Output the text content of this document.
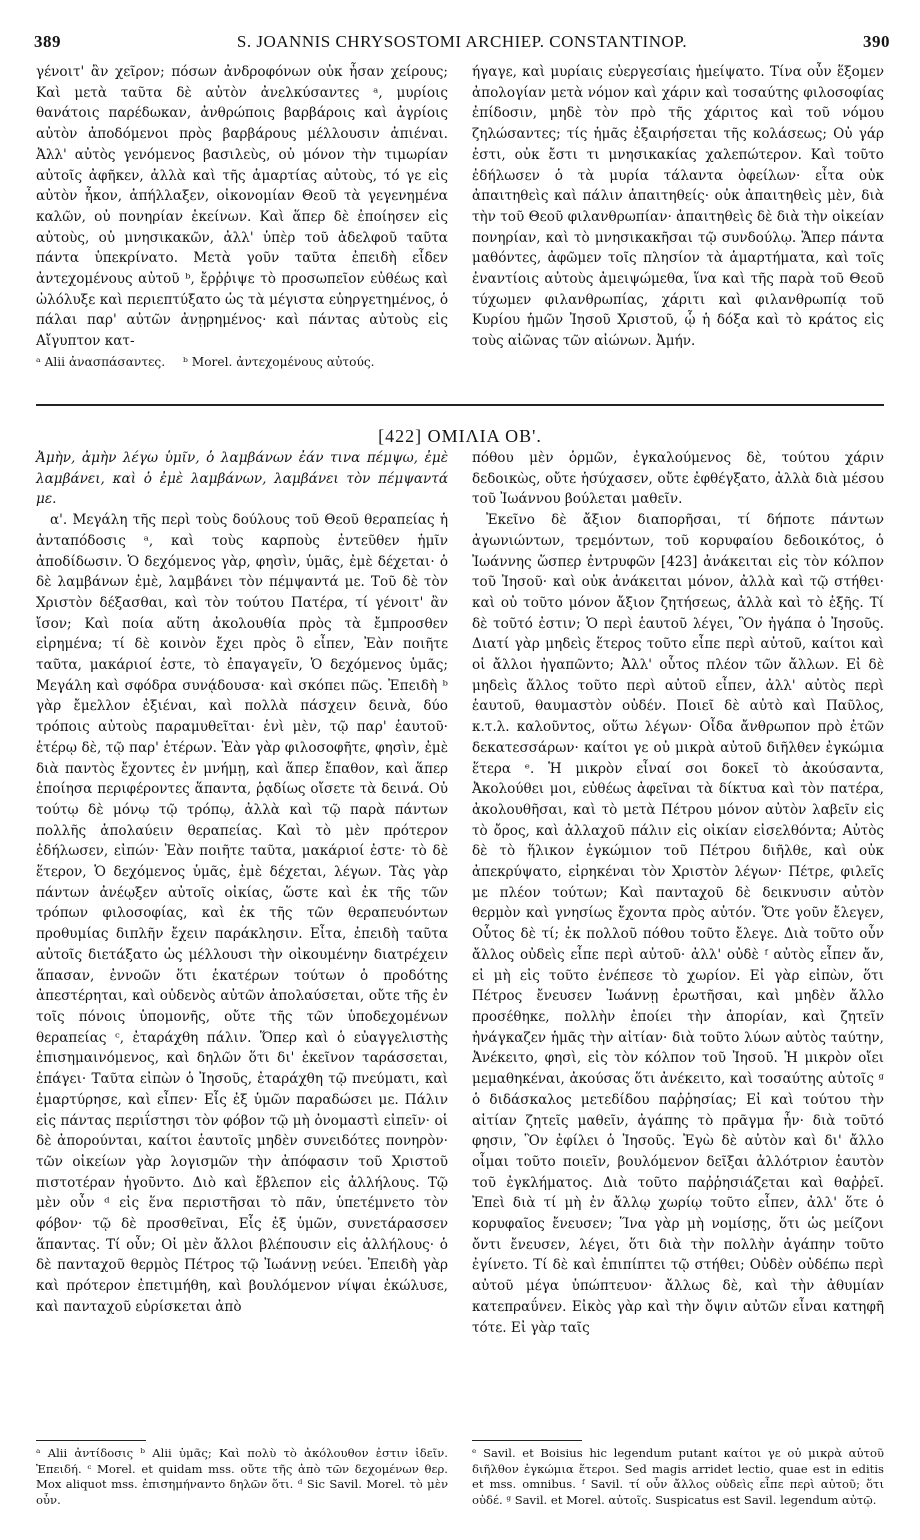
389	S. JOANNIS CHRYSOSTOMI ARCHIEP. CONSTANTINOP.	390

γένοιτ' ἂν χεῖρον; πόσων ἀνδροφόνων οὐκ ἦσαν χείρους; Καὶ μετὰ ταῦτα δὲ αὐτὸν ἀνελκύσαντες ᵃ, μυρίοις θανάτοις παρέδωκαν, ἀνθρώποις βαρβάροις καὶ ἀγρίοις αὐτὸν ἀποδόμενοι πρὸς βαρβάρους μέλλουσιν ἀπιέναι. Ἀλλ' αὐτὸς γενόμενος βασιλεὺς, οὐ μόνον τὴν τιμωρίαν αὐτοῖς ἀφῆκεν, ἀλλὰ καὶ τῆς ἁμαρτίας αὐτοὺς, τό γε εἰς αὐτὸν ἧκον, ἀπήλλαξεν, οἰκονομίαν Θεοῦ τὰ γεγενημένα καλῶν, οὐ πονηρίαν ἐκείνων. Καὶ ἅπερ δὲ ἐποίησεν εἰς αὐτοὺς, οὐ μνησικακῶν, ἀλλ' ὑπὲρ τοῦ ἀδελφοῦ ταῦτα πάντα ὑπεκρίνατο. Μετὰ γοῦν ταῦτα ἐπειδὴ εἶδεν ἀντεχομένους αὐτοῦ ᵇ, ἔρῤῥιψε τὸ προσωπεῖον εὐθέως καὶ ὠλόλυξε καὶ περιεπτύξατο ὡς τὰ μέγιστα εὐηργετημένος, ὁ πάλαι παρ' αὐτῶν ἀνῃρημένος· καὶ πάντας αὐτοὺς εἰς Αἴγυπτον κατ-

ᵃ Alii ἀνασπάσαντες. ᵇ Morel. ἀντεχομένους αὐτούς.

ήγαγε, καὶ μυρίαις εὐεργεσίαις ἠμείψατο. Τίνα οὖν ἕξομεν ἀπολογίαν μετὰ νόμον καὶ χάριν καὶ τοσαύτης φιλοσοφίας ἐπίδοσιν, μηδὲ τὸν πρὸ τῆς χάριτος καὶ τοῦ νόμου ζηλώσαντες; τίς ἡμᾶς ἐξαιρήσεται τῆς κολάσεως; Οὐ γάρ ἐστι, οὐκ ἔστι τι μνησικακίας χαλεπώτερον. Καὶ τοῦτο ἐδήλωσεν ὁ τὰ μυρία τάλαντα ὀφείλων· εἶτα οὐκ ἀπαιτηθεὶς καὶ πάλιν ἀπαιτηθείς· οὐκ ἀπαιτηθεὶς μὲν, διὰ τὴν τοῦ Θεοῦ φιλανθρωπίαν· ἀπαιτηθεὶς δὲ διὰ τὴν οἰκείαν πονηρίαν, καὶ τὸ μνησικακῆσαι τῷ συνδούλῳ. Ἅπερ πάντα μαθόντες, ἀφῶμεν τοῖς πλησίον τὰ ἁμαρτήματα, καὶ τοῖς ἐναντίοις αὐτοὺς ἀμειψώμεθα, ἵνα καὶ τῆς παρὰ τοῦ Θεοῦ τύχωμεν φιλανθρωπίας, χάριτι καὶ φιλανθρωπίᾳ τοῦ Κυρίου ἡμῶν Ἰησοῦ Χριστοῦ, ᾧ ἡ δόξα καὶ τὸ κράτος εἰς τοὺς αἰῶνας τῶν αἰώνων. Ἀμήν.

[422] ΟΜΙΛΙΑ ΟΒ'.

Ἀμὴν, ἀμὴν λέγω ὑμῖν, ὁ λαμβάνων ἐάν τινα πέμψω, ἐμὲ λαμβάνει, καὶ ὁ ἐμὲ λαμβάνων, λαμβάνει τὸν πέμψαντά με.

α'. Μεγάλη τῆς περὶ τοὺς δούλους τοῦ Θεοῦ θεραπείας ἡ ἀνταπόδοσις ᵃ, καὶ τοὺς καρποὺς ἐντεῦθεν ἡμῖν ἀποδίδωσιν. Ὁ δεχόμενος γὰρ, φησὶν, ὑμᾶς, ἐμὲ δέχεται· ὁ δὲ λαμβάνων ἐμὲ, λαμβάνει τὸν πέμψαντά με. Τοῦ δὲ τὸν Χριστὸν δέξασθαι, καὶ τὸν τούτου Πατέρα, τί γένοιτ' ἂν ἴσον; Καὶ ποία αὕτη ἀκολουθία πρὸς τὰ ἔμπροσθεν εἰρημένα; τί δὲ κοινὸν ἔχει πρὸς ὃ εἶπεν, Ἐὰν ποιῆτε ταῦτα, μακάριοί ἐστε, τὸ ἐπαγαγεῖν, Ὁ δεχόμενος ὑμᾶς; Μεγάλη καὶ σφόδρα συνᾴδουσα· καὶ σκόπει πῶς. Ἐπειδὴ ᵇ γὰρ ἔμελλον ἐξιέναι, καὶ πολλὰ πάσχειν δεινὰ, δύο τρόποις αὐτοὺς παραμυθεῖται· ἑνὶ μὲν, τῷ παρ' ἑαυτοῦ· ἑτέρῳ δὲ, τῷ παρ' ἑτέρων. Ἐὰν γὰρ φιλοσοφῆτε, φησὶν, ἐμὲ διὰ παντὸς ἔχοντες ἐν μνήμῃ, καὶ ἅπερ ἔπαθον, καὶ ἅπερ ἐποίησα περιφέροντες ἅπαντα, ῥᾳδίως οἴσετε τὰ δεινά. Οὐ τούτῳ δὲ μόνῳ τῷ τρόπῳ, ἀλλὰ καὶ τῷ παρὰ πάντων πολλῆς ἀπολαύειν θεραπείας. Καὶ τὸ μὲν πρότερον ἐδήλωσεν, εἰπών· Ἐὰν ποιῆτε ταῦτα, μακάριοί ἐστε· τὸ δὲ ἕτερον, Ὁ δεχόμενος ὑμᾶς, ἐμὲ δέχεται, λέγων. Τὰς γὰρ πάντων ἀνέῳξεν αὐτοῖς οἰκίας, ὥστε καὶ ἐκ τῆς τῶν τρόπων φιλοσοφίας, καὶ ἐκ τῆς τῶν θεραπευόντων προθυμίας διπλῆν ἔχειν παράκλησιν. Εἶτα, ἐπειδὴ ταῦτα αὐτοῖς διετάξατο ὡς μέλλουσι τὴν οἰκουμένην διατρέχειν ἅπασαν, ἐννοῶν ὅτι ἑκατέρων τούτων ὁ προδότης ἀπεστέρηται, καὶ οὐδενὸς αὐτῶν ἀπολαύσεται, οὔτε τῆς ἐν τοῖς πόνοις ὑπομονῆς, οὔτε τῆς τῶν ὑποδεχομένων θεραπείας ᶜ, ἐταράχθη πάλιν. Ὅπερ καὶ ὁ εὐαγγελιστὴς ἐπισημαινόμενος, καὶ δηλῶν ὅτι δι' ἐκεῖνον ταράσσεται, ἐπάγει· Ταῦτα εἰπὼν ὁ Ἰησοῦς, ἐταράχθη τῷ πνεύματι, καὶ ἐμαρτύρησε, καὶ εἶπεν· Εἷς ἐξ ὑμῶν παραδώσει με. Πάλιν εἰς πάντας περιΐστησι τὸν φόβον τῷ μὴ ὀνομαστὶ εἰπεῖν· οἱ δὲ ἀπορούνται, καίτοι ἑαυτοῖς μηδὲν συνειδότες πονηρὸν· τῶν οἰκείων γὰρ λογισμῶν τὴν ἀπόφασιν τοῦ Χριστοῦ πιστοτέραν ἡγοῦντο. Διὸ καὶ ἔβλεπον εἰς ἀλλήλους. Τῷ μὲν οὖν ᵈ εἰς ἕνα περιστῆσαι τὸ πᾶν, ὑπετέμνετο τὸν φόβον· τῷ δὲ προσθεῖναι, Εἷς ἐξ ὑμῶν, συνετάρασσεν ἅπαντας. Τί οὖν; Οἱ μὲν ἄλλοι βλέπουσιν εἰς ἀλλήλους· ὁ δὲ πανταχοῦ θερμὸς Πέτρος τῷ Ἰωάννῃ νεύει. Ἐπειδὴ γὰρ καὶ πρότερον ἐπετιμήθη, καὶ βουλόμενον νίψαι ἐκώλυσε, καὶ πανταχοῦ εὑρίσκεται ἀπὸ

πόθου μὲν ὁρμῶν, ἐγκαλούμενος δὲ, τούτου χάριν δεδοικὼς, οὔτε ἡσύχασεν, οὔτε ἐφθέγξατο, ἀλλὰ διὰ μέσου τοῦ Ἰωάννου βούλεται μαθεῖν.

Ἐκεῖνο δὲ ἄξιον διαπορῆσαι, τί δήποτε πάντων ἀγωνιώντων, τρεμόντων, τοῦ κορυφαίου δεδοικότος, ὁ Ἰωάννης ὥσπερ ἐντρυφῶν [423] ἀνάκειται εἰς τὸν κόλπον τοῦ Ἰησοῦ· καὶ οὐκ ἀνάκειται μόνον, ἀλλὰ καὶ τῷ στήθει· καὶ οὐ τοῦτο μόνον ἄξιον ζητήσεως, ἀλλὰ καὶ τὸ ἑξῆς. Τί δὲ τοῦτό ἐστιν; Ὁ περὶ ἑαυτοῦ λέγει, Ὃν ἠγάπα ὁ Ἰησοῦς. Διατί γὰρ μηδεὶς ἕτερος τοῦτο εἶπε περὶ αὐτοῦ, καίτοι καὶ οἱ ἄλλοι ἠγαπῶντο; Ἀλλ' οὗτος πλέον τῶν ἄλλων. Εἰ δὲ μηδεὶς ἄλλος τοῦτο περὶ αὐτοῦ εἶπεν, ἀλλ' αὐτὸς περὶ ἑαυτοῦ, θαυμαστὸν οὐδέν. Ποιεῖ δὲ αὐτὸ καὶ Παῦλος, κ.τ.λ. καλοῦντος, οὕτω λέγων· Οἶδα ἄνθρωπον πρὸ ἐτῶν δεκατεσσάρων· καίτοι γε οὐ μικρὰ αὐτοῦ διῆλθεν ἐγκώμια ἕτερα ᵉ. Ἡ μικρὸν εἶναί σοι δοκεῖ τὸ ἀκούσαντα, Ἀκολούθει μοι, εὐθέως ἀφεῖναι τὰ δίκτυα καὶ τὸν πατέρα, ἀκολουθῆσαι, καὶ τὸ μετὰ Πέτρου μόνον αὐτὸν λαβεῖν εἰς τὸ ὄρος, καὶ ἀλλαχοῦ πάλιν εἰς οἰκίαν εἰσελθόντα; Αὐτὸς δὲ τὸ ἥλικον ἐγκώμιον τοῦ Πέτρου διῆλθε, καὶ οὐκ ἀπεκρύψατο, εἰρηκέναι τὸν Χριστὸν λέγων· Πέτρε, φιλεῖς με πλέον τούτων; Καὶ πανταχοῦ δὲ δεικνυσιν αὐτὸν θερμὸν καὶ γνησίως ἔχοντα πρὸς αὐτόν. Ὅτε γοῦν ἔλεγεν, Οὗτος δὲ τί; ἐκ πολλοῦ πόθου τοῦτο ἔλεγε. Διὰ τοῦτο οὖν ἄλλος οὐδεὶς εἶπε περὶ αὐτοῦ· ἀλλ' οὐδὲ ᶠ αὐτὸς εἶπεν ἄν, εἰ μὴ εἰς τοῦτο ἐνέπεσε τὸ χωρίον. Εἰ γὰρ εἰπὼν, ὅτι Πέτρος ἔνευσεν Ἰωάννῃ ἐρωτῆσαι, καὶ μηδὲν ἄλλο προσέθηκε, πολλὴν ἐποίει τὴν ἀπορίαν, καὶ ζητεῖν ἠνάγκαζεν ἡμᾶς τὴν αἰτίαν· διὰ τοῦτο λύων αὐτὸς ταύτην, Ἀνέκειτο, φησὶ, εἰς τὸν κόλπον τοῦ Ἰησοῦ. Ἡ μικρὸν οἴει μεμαθηκέναι, ἀκούσας ὅτι ἀνέκειτο, καὶ τοσαύτης αὐτοῖς ᵍ ὁ διδάσκαλος μετεδίδου παῤῥησίας; Εἰ καὶ τούτου τὴν αἰτίαν ζητεῖς μαθεῖν, ἀγάπης τὸ πρᾶγμα ἦν· διὰ τοῦτό φησιν, Ὃν ἐφίλει ὁ Ἰησοῦς. Ἐγὼ δὲ αὐτὸν καὶ δι' ἄλλο οἶμαι τοῦτο ποιεῖν, βουλόμενον δεῖξαι ἀλλότριον ἑαυτὸν τοῦ ἐγκλήματος. Διὰ τοῦτο παῤῥησιάζεται καὶ θαῤῥεῖ. Ἐπεὶ διὰ τί μὴ ἐν ἄλλῳ χωρίῳ τοῦτο εἶπεν, ἀλλ' ὅτε ὁ κορυφαῖος ἔνευσεν; Ἵνα γὰρ μὴ νομίσῃς, ὅτι ὡς μείζονι ὄντι ἔνευσεν, λέγει, ὅτι διὰ τὴν πολλὴν ἀγάπην τοῦτο ἐγίνετο. Τί δὲ καὶ ἐπιπίπτει τῷ στήθει; Οὐδὲν οὐδέπω περὶ αὐτοῦ μέγα ὑπώπτευον· ἄλλως δὲ, καὶ τὴν ἀθυμίαν κατεπραΰνεν. Εἰκὸς γὰρ καὶ τὴν ὄψιν αὐτῶν εἶναι κατηφῆ τότε. Εἰ γὰρ ταῖς

ᵃ Alii ἀντίδοσις ᵇ Alii ὑμᾶς; Καὶ πολὺ τὸ ἀκόλουθον ἐστιν ἰδεῖν. Ἐπειδή. ᶜ Morel. et quidam mss. οὔτε τῆς ἀπὸ τῶν δεχομένων θερ. Mox aliquot mss. ἐπισημήναντο δηλῶν ὅτι. ᵈ Sic Savil. Morel. τὸ μὲν οὖν.
ᵉ Savil. et Boisius hic legendum putant καίτοι γε οὐ μικρὰ αὐτοῦ διῆλθον ἐγκώμια ἕτεροι. Sed magis arridet lectio, quae est in editis et mss. omnibus. ᶠ Savil. τί οὖν ἄλλος οὐδεὶς εἶπε περὶ αὐτοῦ; ὅτι οὐδέ. ᵍ Savil. et Morel. αὐτοῖς. Suspicatus est Savil. legendum αὐτῷ.
